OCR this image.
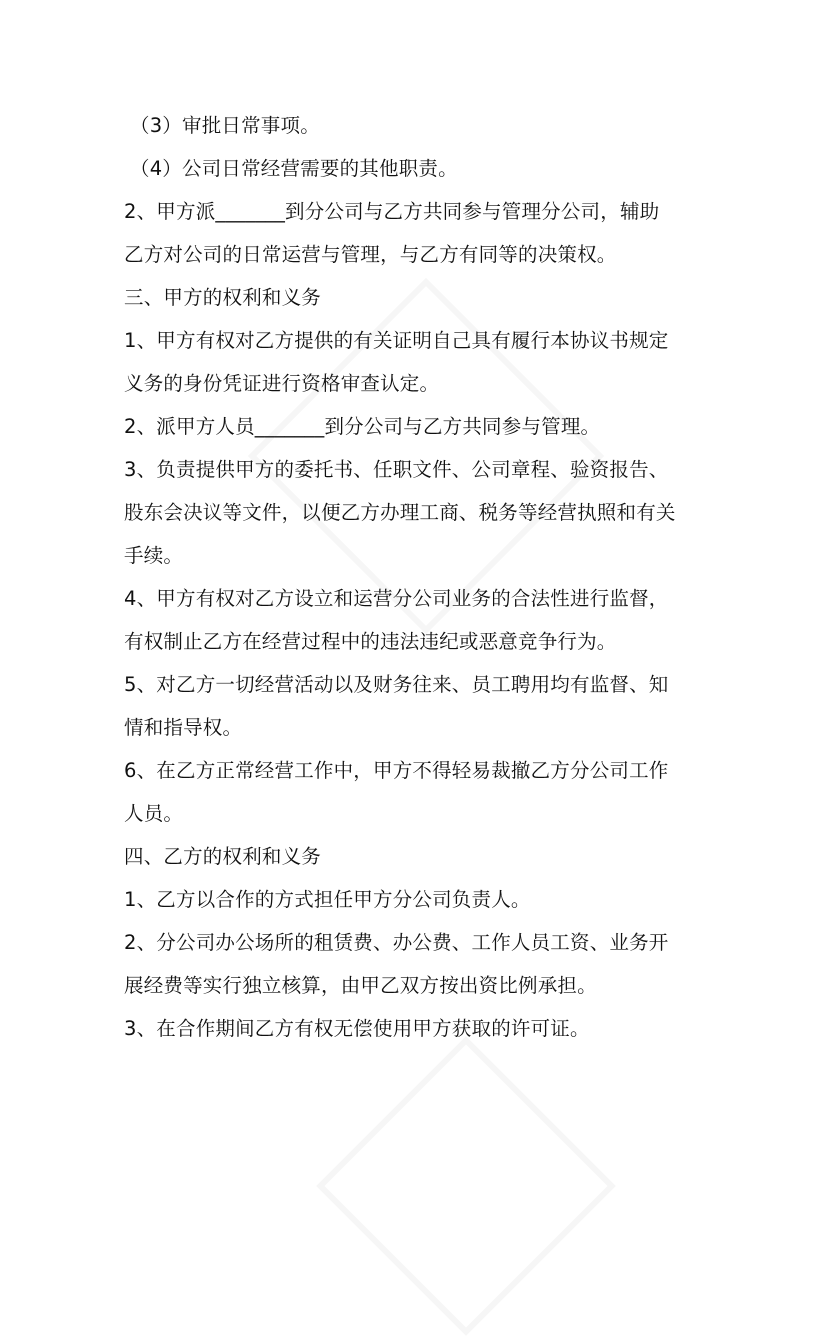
（3）审批日常事项。
（4）公司日常经营需要的其他职责。
2、甲方派_______到分公司与乙方共同参与管理分公司，辅助
乙方对公司的日常运营与管理，与乙方有同等的决策权。
三、甲方的权利和义务
1、甲方有权对乙方提供的有关证明自己具有履行本协议书规定
义务的身份凭证进行资格审查认定。
2、派甲方人员_______到分公司与乙方共同参与管理。
3、负责提供甲方的委托书、任职文件、公司章程、验资报告、
股东会决议等文件，以便乙方办理工商、税务等经营执照和有关
手续。
4、甲方有权对乙方设立和运营分公司业务的合法性进行监督，
有权制止乙方在经营过程中的违法违纪或恶意竞争行为。
5、对乙方一切经营活动以及财务往来、员工聘用均有监督、知
情和指导权。
6、在乙方正常经营工作中，甲方不得轻易裁撤乙方分公司工作
人员。
四、乙方的权利和义务
1、乙方以合作的方式担任甲方分公司负责人。
2、分公司办公场所的租赁费、办公费、工作人员工资、业务开
展经费等实行独立核算，由甲乙双方按出资比例承担。
3、在合作期间乙方有权无偿使用甲方获取的许可证。
